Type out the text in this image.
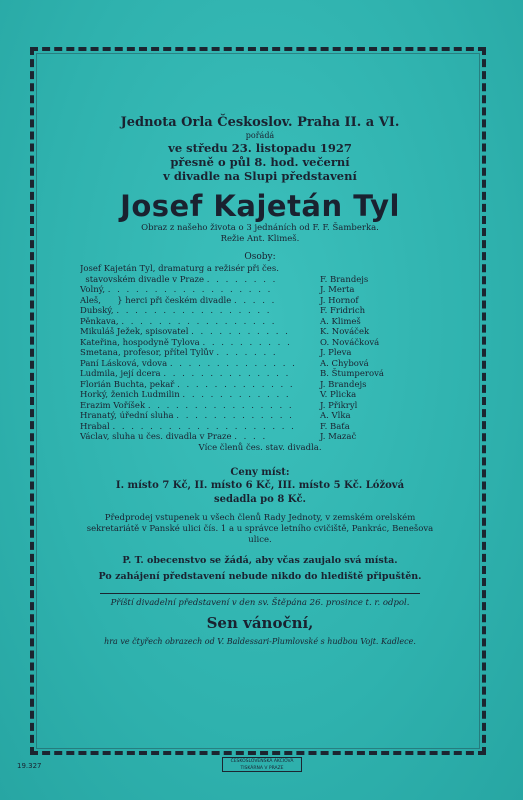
Jednota Orla Českoslov. Praha II. a VI.
pořádá
ve středu 23. listopadu 1927
přesně o půl 8. hod. večerní
v divadle na Slupi představení
Josef Kajetán Tyl
Obraz z našeho života o 3 jednáních od F. F. Šamberka.
Režie Ant. Klimeš.
Osoby:
Josef Kajetán Tyl, dramaturg a režisér při čes.	
stavovském divadle v Praze . . . . . . . .	F. Brandejs
Volný, . . . . . . . . . . . . . . . . . .	J. Merta
Aleš,      } herci při českém divadle . . . . .	J. Hornof
Dubský, . . . . . . . . . . . . . . . . .	F. Fridrich
Pěnkava, . . . . . . . . . . . . . . . . .	A. Klimeš
Mikuláš Ježek, spisovatel . . . . . . . . . . .	K. Nováček
Kateřina, hospodyně Tylova . . . . . . . . . .	O. Nováčková
Smetana, profesor, přítel Tylův . . . . . . .	J. Pleva
Paní Lásková, vdova . . . . . . . . . . . . . .	A. Chybová
Ludmila, její dcera . . . . . . . . . . . . . .	B. Štumperová
Florián Buchta, pekař . . . . . . . . . . . . .	J. Brandejs
Horký, ženich Ludmilin . . . . . . . . . . . .	V. Plicka
Erazim Voříšek . . . . . . . . . . . . . . . .	J. Přikryl
Hranatý, úřední sluha . . . . . . . . . . . . .	A. Vlka
Hrabal . . . . . . . . . . . . . . . . . . . .	F. Baťa
Václav, sluha u čes. divadla v Praze . . . .	J. Mazač
Více členů čes. stav. divadla.
Ceny míst:
I. místo 7 Kč, II. místo 6 Kč, III. místo 5 Kč. Lóžová
sedadla po 8 Kč.
Předprodej vstupenek u všech členů Rady Jednoty, v zemském orelském sekretariátě v Panské ulici čís. 1 a u správce letního cvičiště, Pankrác, Benešova ulice.
P. T. obecenstvo se žádá, aby včas zaujalo svá místa.
Po zahájení představení nebude nikdo do hlediště připuštěn.
Příští divadelní představení v den sv. Štěpána 26. prosince t. r. odpol.
Sen vánoční,
hra ve čtyřech obrazech od V. Baldessari-Plumlovské s hudbou Vojt. Kadlece.
19.327
ČESKOSLOVENSKÁ AKCIOVÁ
TISKÁRNA V PRAZE
